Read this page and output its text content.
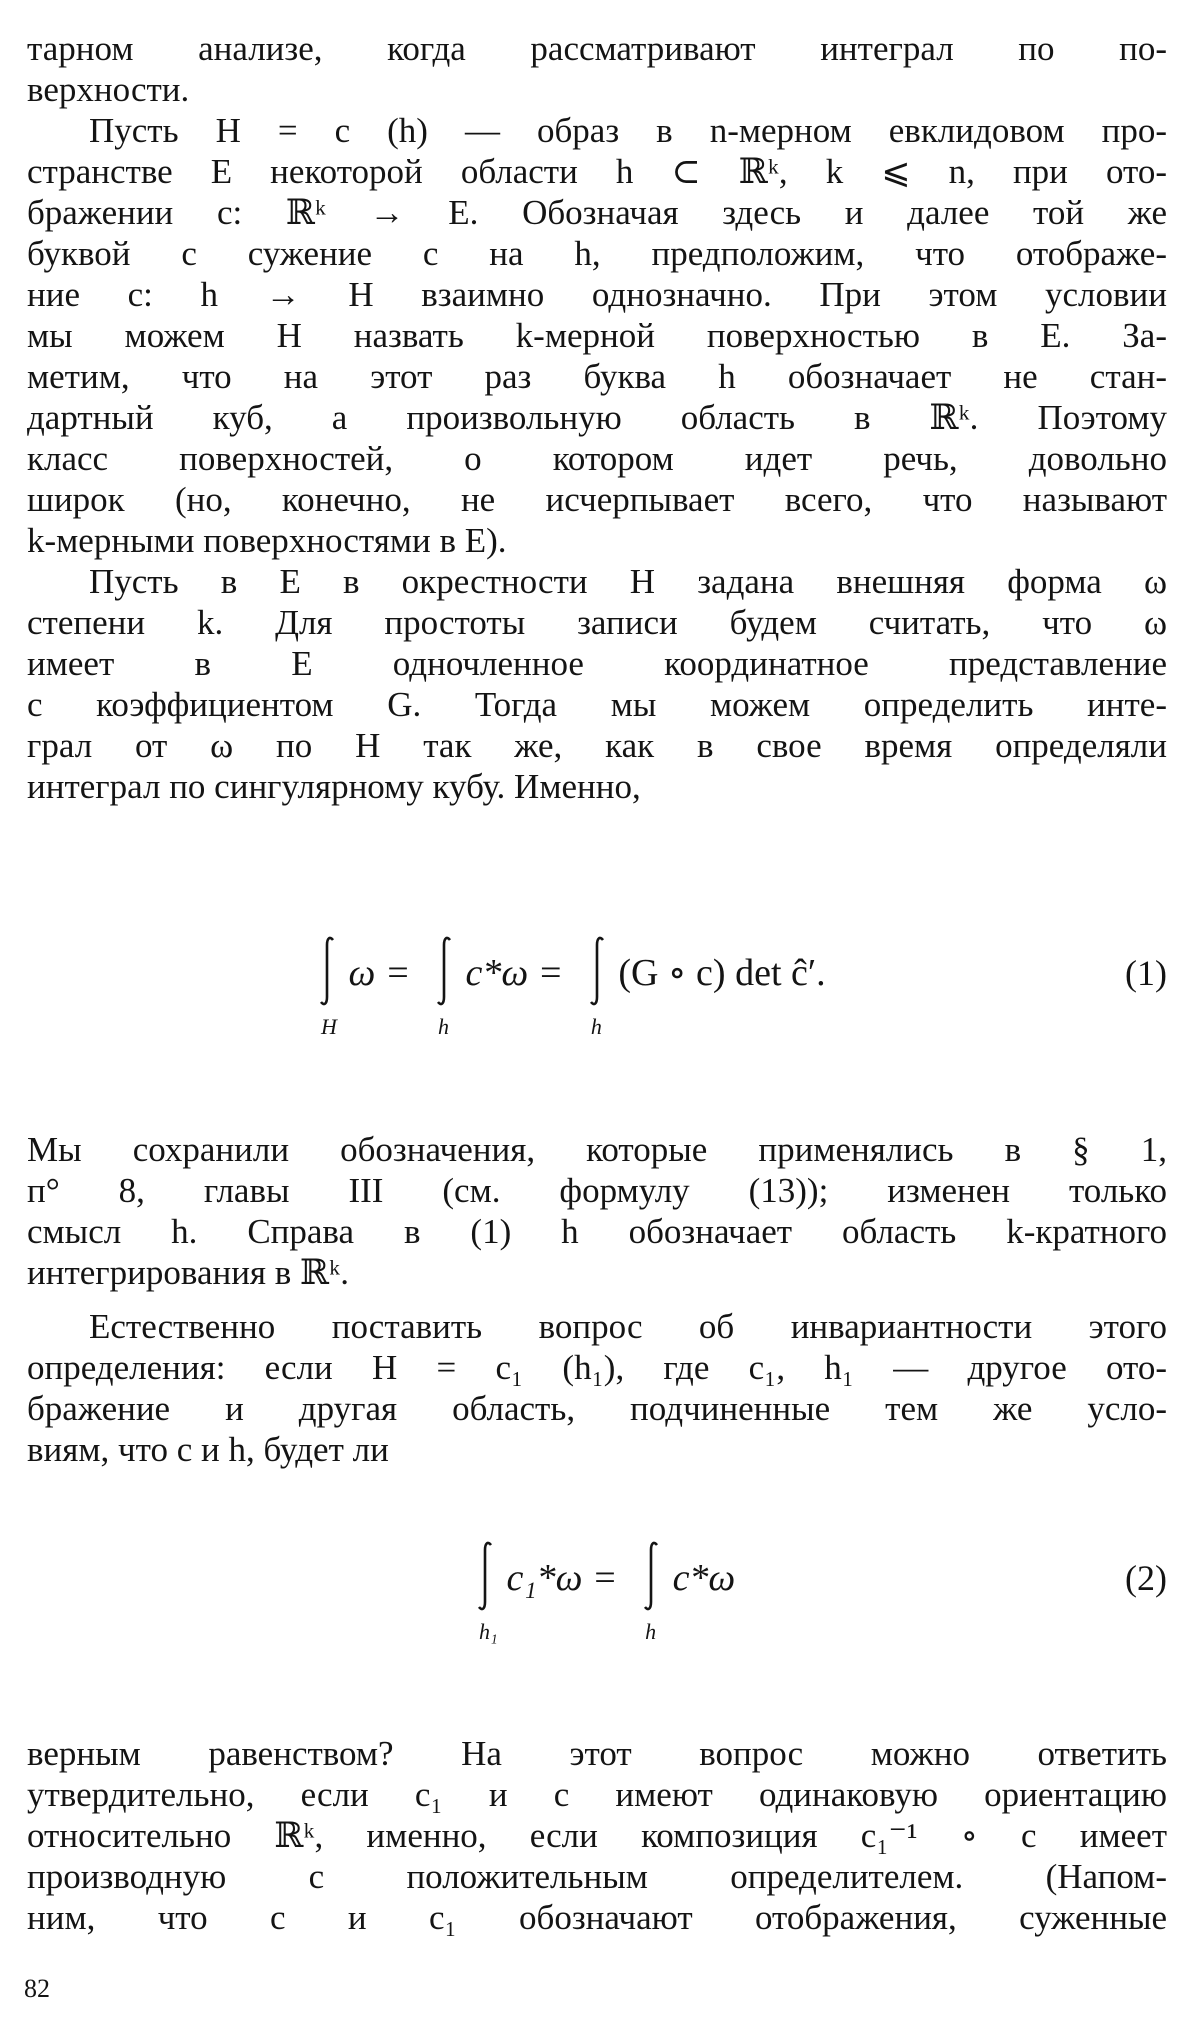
тарном анализе, когда рассматривают интеграл по по-

верхности.

Пусть H = c (h) — образ в n-мерном евклидовом про-

странстве E некоторой области h ⊂ ℝᵏ, k ⩽ n, при ото-

бражении c: ℝᵏ → E. Обозначая здесь и далее той же

буквой c сужение c на h, предположим, что отображе-

ние c: h → H взаимно однозначно. При этом условии

мы можем H назвать k-мерной поверхностью в E. За-

метим, что на этот раз буква h обозначает не стан-

дартный куб, а произвольную область в ℝᵏ. Поэтому

класс поверхностей, о котором идет речь, довольно

широк (но, конечно, не исчерпывает всего, что называют

k-мерными поверхностями в E).

Пусть в E в окрестности H задана внешняя форма ω

степени k. Для простоты записи будем считать, что ω

имеет в E одночленное координатное представление

с коэффициентом G. Тогда мы можем определить инте-

грал от ω по H так же, как в свое время определяли

интеграл по сингулярному кубу. Именно,

H
ω =
h
c*ω =
h
(G ∘ c) det ĉ′.	(1)

Мы сохранили обозначения, которые применялись в § 1,

п° 8, главы III (см. формулу (13)); изменен только

смысл h. Справа в (1) h обозначает область k-кратного

интегрирования в ℝᵏ.

Естественно поставить вопрос об инвариантности этого

определения: если H = c₁ (h₁), где c₁, h₁ — другое ото-

бражение и другая область, подчиненные тем же усло-

виям, что c и h, будет ли

h₁
c₁*ω =
h
c*ω	(2)

верным равенством? На этот вопрос можно ответить

утвердительно, если c₁ и c имеют одинаковую ориентацию

относительно ℝᵏ, именно, если композиция c₁⁻¹ ∘ c имеет

производную с положительным определителем. (Напом-

ним, что c и c₁ обозначают отображения, суженные

82
